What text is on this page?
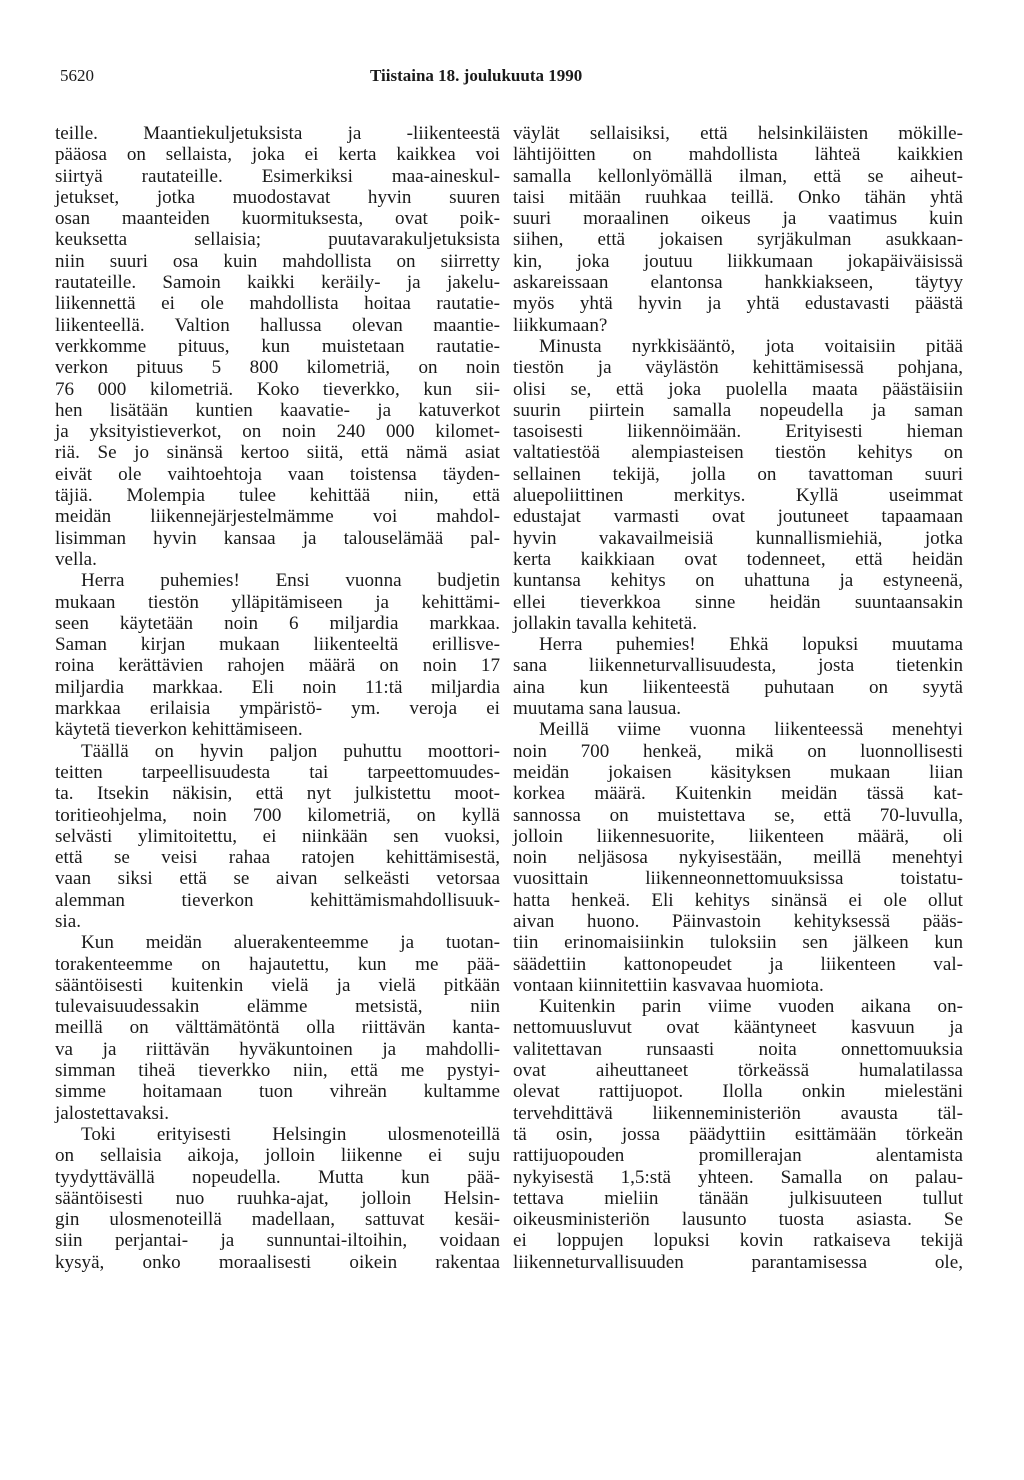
5620	Tiistaina 18. joulukuuta 1990
teille. Maantiekuljetuksista ja -liikenteestä
pääosa on sellaista, joka ei kerta kaikkea voi
siirtyä rautateille. Esimerkiksi maa-aineskul-
jetukset, jotka muodostavat hyvin suuren
osan maanteiden kuormituksesta, ovat poik-
keuksetta sellaisia; puutavarakuljetuksista
niin suuri osa kuin mahdollista on siirretty
rautateille. Samoin kaikki keräily- ja jakelu-
liikennettä ei ole mahdollista hoitaa rautatie-
liikenteellä. Valtion hallussa olevan maantie-
verkkomme pituus, kun muistetaan rautatie-
verkon pituus 5 800 kilometriä, on noin
76 000 kilometriä. Koko tieverkko, kun sii-
hen lisätään kuntien kaavatie- ja katuverkot
ja yksityistieverkot, on noin 240 000 kilomet-
riä. Se jo sinänsä kertoo siitä, että nämä asiat
eivät ole vaihtoehtoja vaan toistensa täyden-
täjiä. Molempia tulee kehittää niin, että
meidän liikennejärjestelmämme voi mahdol-
lisimman hyvin kansaa ja talouselämää pal-
vella.
Herra puhemies! Ensi vuonna budjetin
mukaan tiestön ylläpitämiseen ja kehittämi-
seen käytetään noin 6 miljardia markkaa.
Saman kirjan mukaan liikenteeltä erillisve-
roina kerättävien rahojen määrä on noin 17
miljardia markkaa. Eli noin 11:tä miljardia
markkaa erilaisia ympäristö- ym. veroja ei
käytetä tieverkon kehittämiseen.
Täällä on hyvin paljon puhuttu moottori-
teitten tarpeellisuudesta tai tarpeettomuudes-
ta. Itsekin näkisin, että nyt julkistettu moot-
toritieohjelma, noin 700 kilometriä, on kyllä
selvästi ylimitoitettu, ei niinkään sen vuoksi,
että se veisi rahaa ratojen kehittämisestä,
vaan siksi että se aivan selkeästi vetorsaa
alemman tieverkon kehittämismahdollisuuk-
sia.
Kun meidän aluerakenteemme ja tuotan-
torakenteemme on hajautettu, kun me pää-
sääntöisesti kuitenkin vielä ja vielä pitkään
tulevaisuudessakin elämme metsistä, niin
meillä on välttämätöntä olla riittävän kanta-
va ja riittävän hyväkuntoinen ja mahdolli-
simman tiheä tieverkko niin, että me pystyi-
simme hoitamaan tuon vihreän kultamme
jalostettavaksi.
Toki erityisesti Helsingin ulosmenoteillä
on sellaisia aikoja, jolloin liikenne ei suju
tyydyttävällä nopeudella. Mutta kun pää-
sääntöisesti nuo ruuhka-ajat, jolloin Helsin-
gin ulosmenoteillä madellaan, sattuvat kesäi-
siin perjantai- ja sunnuntai-iltoihin, voidaan
kysyä, onko moraalisesti oikein rakentaa
väylät sellaisiksi, että helsinkiläisten mökille-
lähtijöitten on mahdollista lähteä kaikkien
samalla kellonlyömällä ilman, että se aiheut-
taisi mitään ruuhkaa teillä. Onko tähän yhtä
suuri moraalinen oikeus ja vaatimus kuin
siihen, että jokaisen syrjäkulman asukkaan-
kin, joka joutuu liikkumaan jokapäiväisissä
askareissaan elantonsa hankkiakseen, täytyy
myös yhtä hyvin ja yhtä edustavasti päästä
liikkumaan?
Minusta nyrkkisääntö, jota voitaisiin pitää
tiestön ja väylästön kehittämisessä pohjana,
olisi se, että joka puolella maata päästäisiin
suurin piirtein samalla nopeudella ja saman
tasoisesti liikennöimään. Erityisesti hieman
valtatiestöä alempiasteisen tiestön kehitys on
sellainen tekijä, jolla on tavattoman suuri
aluepoliittinen merkitys. Kyllä useimmat
edustajat varmasti ovat joutuneet tapaamaan
hyvin vakavailmeisiä kunnallismiehiä, jotka
kerta kaikkiaan ovat todenneet, että heidän
kuntansa kehitys on uhattuna ja estyneenä,
ellei tieverkkoa sinne heidän suuntaansakin
jollakin tavalla kehitetä.
Herra puhemies! Ehkä lopuksi muutama
sana liikenneturvallisuudesta, josta tietenkin
aina kun liikenteestä puhutaan on syytä
muutama sana lausua.
Meillä viime vuonna liikenteessä menehtyi
noin 700 henkeä, mikä on luonnollisesti
meidän jokaisen käsityksen mukaan liian
korkea määrä. Kuitenkin meidän tässä kat-
sannossa on muistettava se, että 70-luvulla,
jolloin liikennesuorite, liikenteen määrä, oli
noin neljäsosa nykyisestään, meillä menehtyi
vuosittain liikenneonnettomuuksissa toistatu-
hatta henkeä. Eli kehitys sinänsä ei ole ollut
aivan huono. Päinvastoin kehityksessä pääs-
tiin erinomaisiinkin tuloksiin sen jälkeen kun
säädettiin kattonopeudet ja liikenteen val-
vontaan kiinnitettiin kasvavaa huomiota.
Kuitenkin parin viime vuoden aikana on-
nettomuusluvut ovat kääntyneet kasvuun ja
valitettavan runsaasti noita onnettomuuksia
ovat aiheuttaneet törkeässä humalatilassa
olevat rattijuopot. Ilolla onkin mielestäni
tervehdittävä liikenneministeriön avausta täl-
tä osin, jossa päädyttiin esittämään törkeän
rattijuopouden promillerajan alentamista
nykyisestä 1,5:stä yhteen. Samalla on palau-
tettava mieliin tänään julkisuuteen tullut
oikeusministeriön lausunto tuosta asiasta. Se
ei loppujen lopuksi kovin ratkaiseva tekijä
liikenneturvallisuuden parantamisessa ole,
